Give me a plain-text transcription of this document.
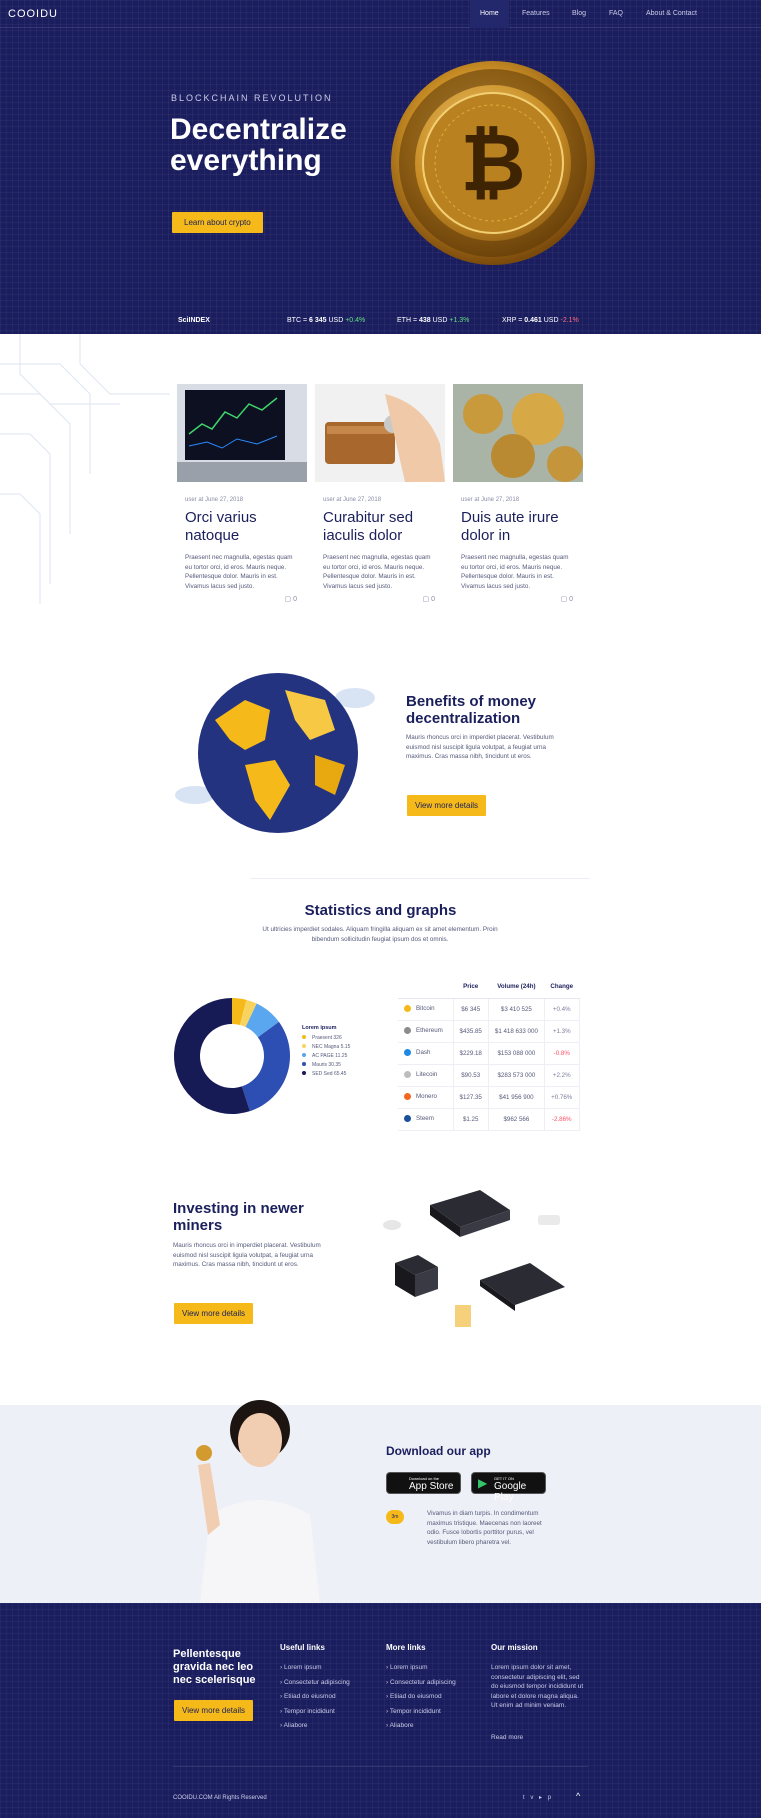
COOIDU	Home	Features	Blog	FAQ	About & Contact
BLOCKCHAIN REVOLUTION
Decentralize everything
Learn about crypto
₿
SciINDEX	BTC = 6 345 USD +0.4%	ETH = 438 USD +1.3%	XRP = 0.461 USD -2.1%
user at June 27, 2018
Orci varius natoque

Praesent nec magnulla, egestas quam eu tortor orci, id eros. Mauris neque. Pellentesque dolor. Mauris in est. Vivamus lacus sed justo.

▢ 0
user at June 27, 2018
Curabitur sed iaculis dolor

Praesent nec magnulla, egestas quam eu tortor orci, id eros. Mauris neque. Pellentesque dolor. Mauris in est. Vivamus lacus sed justo.

▢ 0
user at June 27, 2018
Duis aute irure dolor in

Praesent nec magnulla, egestas quam eu tortor orci, id eros. Mauris neque. Pellentesque dolor. Mauris in est. Vivamus lacus sed justo.

▢ 0
Benefits of money decentralization
Mauris rhoncus orci in imperdiet placerat. Vestibulum euismod nisl suscipit ligula volutpat, a feugiat urna maximus. Cras massa nibh, tincidunt ut eros.
View more details
Statistics and graphs
Ut ultricies imperdiet sodales. Aliquam fringilla aliquam ex sit amet elementum. Proin bibendum sollicitudin feugiat ipsum dos et omnis.
Lorem ipsum
Praesent 326
NEC Magna 5.15
AC PAGE 11.25
Mauris 30.35
SED Sed 65.45
	Price	Volume (24h)	Change
Bitcoin	$6 345	$3 410 525	+0.4%
Ethereum	$435.85	$1 418 633 000	+1.3%
Dash	$229.18	$153 088 000	-0.8%
Litecoin	$90.53	$283 573 000	+2.2%
Monero	$127.35	$41 956 900	+0.76%
Steem	$1.25	$962 566	-2.86%
Investing in newer miners
Mauris rhoncus orci in imperdiet placerat. Vestibulum euismod nisl suscipit ligula volutpat, a feugiat urna maximus. Cras massa nibh, tincidunt ut eros.
View more details
Download our app
Download on the
App Store ▶ GET IT ON
Google Play
3m	Vivamus in diam turpis. In condimentum maximus tristique. Maecenas non laoreet odio. Fusce lobortis porttitor purus, vel vestibulum libero pharetra vel.
Pellentesque gravida nec leo nec scelerisque
View more details
Useful links
› Lorem ipsum
› Consectetur adipiscing
› Etiiad do eiusmod
› Tempor incididunt
› Aliabore
More links
› Lorem ipsum
› Consectetur adipiscing
› Etiiad do eiusmod
› Tempor incididunt
› Aliabore
Our mission
Lorem ipsum dolor sit amet, consectetur adipiscing elit, sed do eiusmod tempor incididunt ut labore et dolore magna aliqua. Ut enim ad minim veniam.
Read more
COOIDU.COM All Rights Reserved	t v ▸ p	^
